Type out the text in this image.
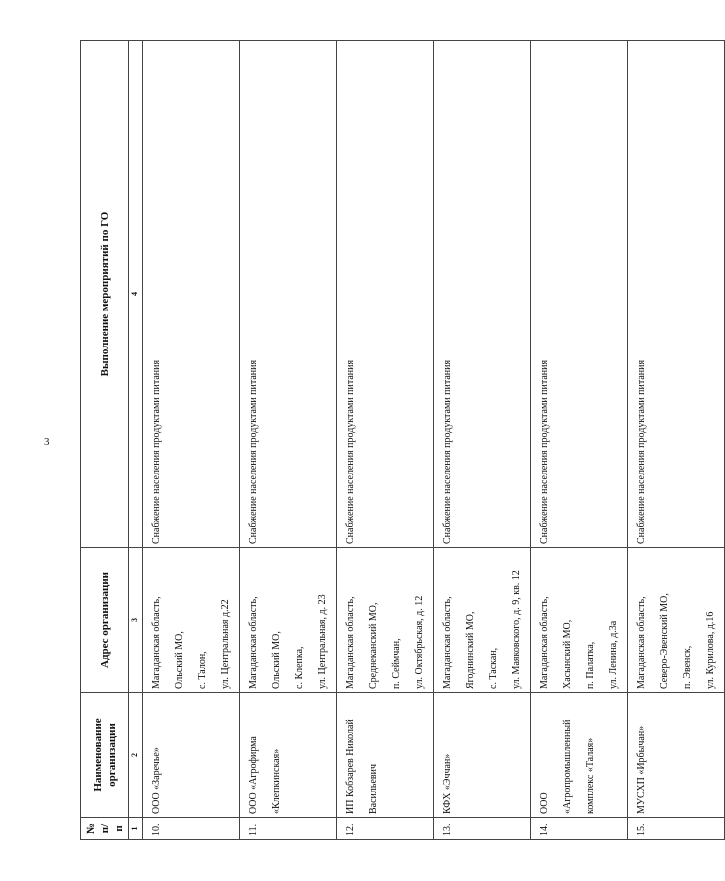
3
№ п/п	Наименование организации	Адрес организации	Выполнение мероприятий по ГО
1	2	3	4
10.	ООО «Заречье»	Магаданская область, Ольский МО, с. Талон, ул. Центральная д.22	Снабжение населения продуктами питания
11.	ООО «Агрофирма «Клепкинская»	Магаданская область, Ольский МО, с. Клепка, ул. Центральная, д. 23	Снабжение населения продуктами питания
12.	ИП Кобзарев Николай Васильевич	Магаданская область, Среднеканский МО, п. Сеймчан, ул. Октябрьская, д. 12	Снабжение населения продуктами питания
13.	КФХ «Эччан»	Магаданская область, Ягоднинский МО, с. Таскан, ул. Маяковского, д. 9, кв. 12	Снабжение населения продуктами питания
14.	ООО «Агропромышленный комплекс «Талая»	Магаданская область, Хасынский МО, п. Палатка, ул. Ленина, д.3а	Снабжение населения продуктами питания
15.	МУСХП «Ирбычан»	Магаданская область, Северо-Эвенский МО, п. Эвенск, ул. Курилова, д.16	Снабжение населения продуктами питания
